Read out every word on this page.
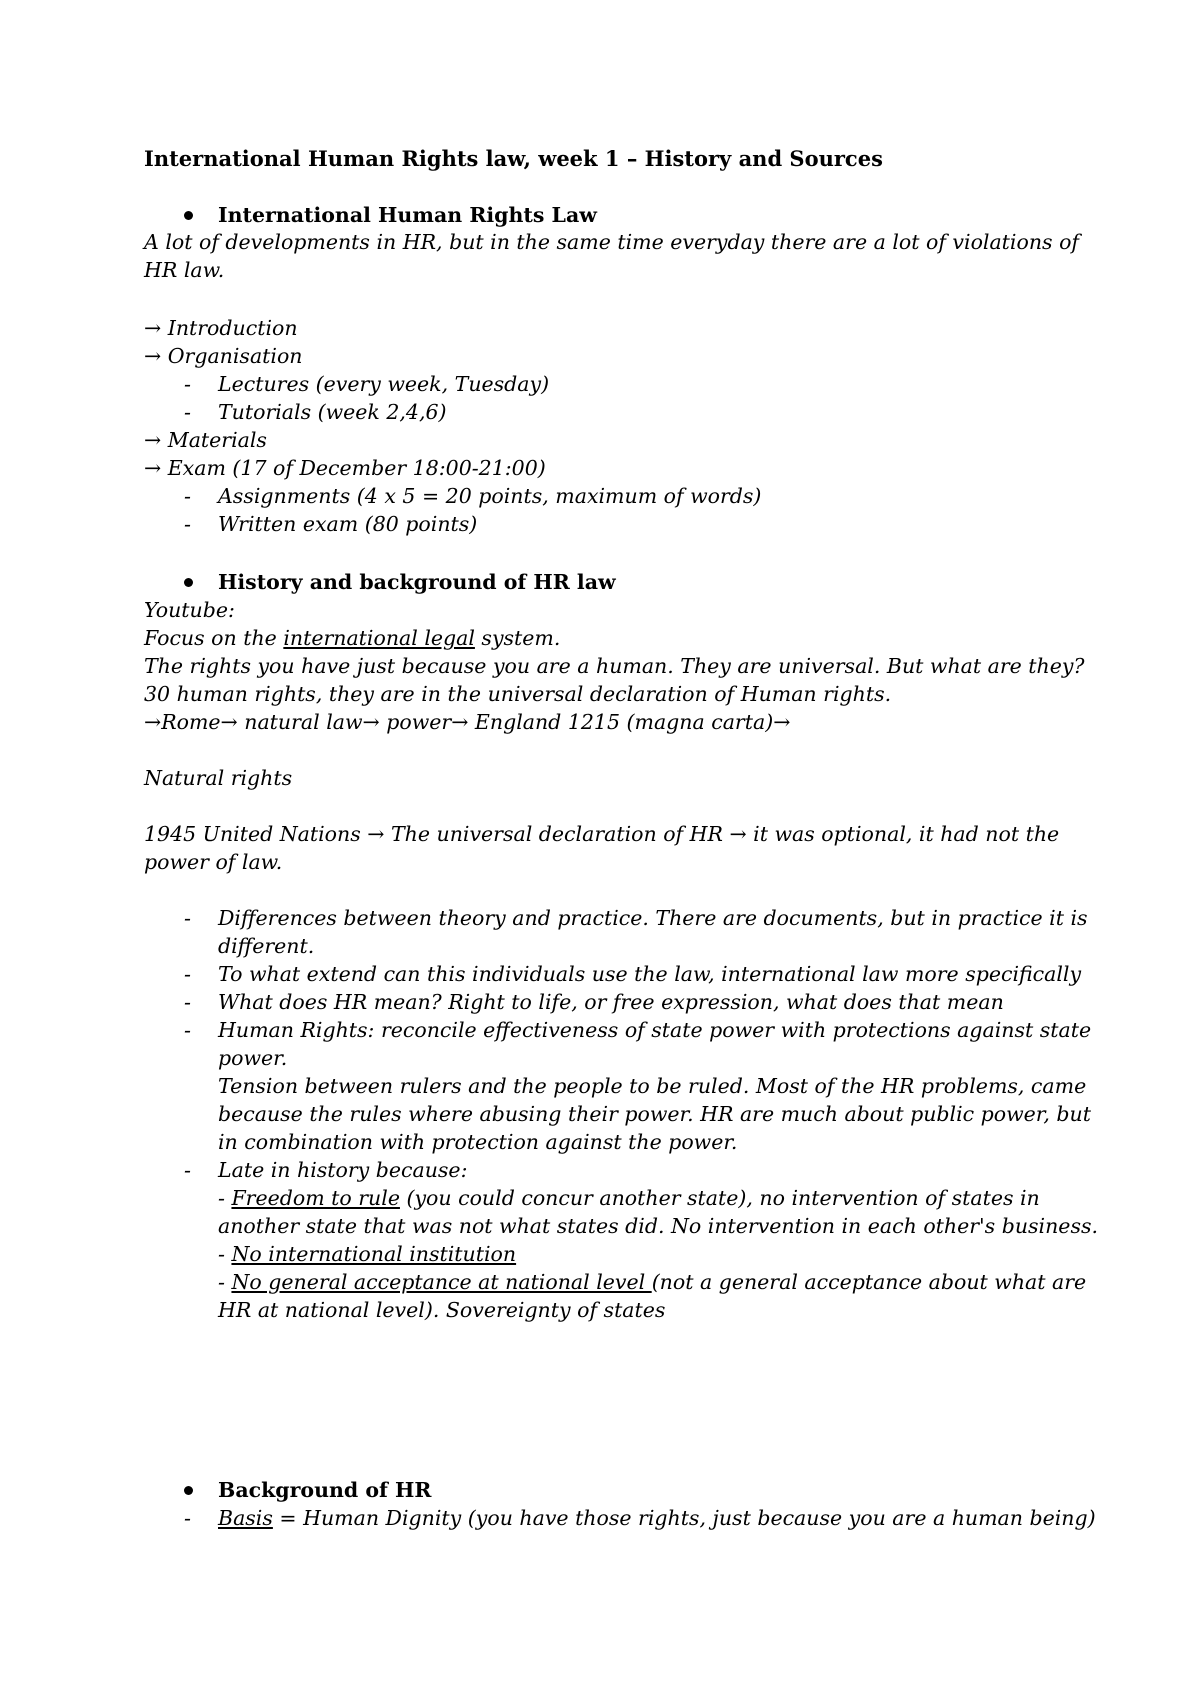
International Human Rights law, week 1 – History and Sources
International Human Rights Law
A lot of developments in HR, but in the same time everyday there are a lot of violations of
HR law.
→ Introduction
→ Organisation
- Lectures (every week, Tuesday)
- Tutorials (week 2,4,6)
→ Materials
→ Exam (17 of December 18:00-21:00)
- Assignments (4 x 5 = 20 points, maximum of words)
- Written exam (80 points)
History and background of HR law
Youtube:
Focus on the international legal system.
The rights you have just because you are a human. They are universal. But what are they?
30 human rights, they are in the universal declaration of Human rights.
→Rome→ natural law→ power→ England 1215 (magna carta)→
Natural rights
1945 United Nations → The universal declaration of HR → it was optional, it had not the
power of law.
- Differences between theory and practice. There are documents, but in practice it is
different.
- To what extend can this individuals use the law, international law more specifically
- What does HR mean? Right to life, or free expression, what does that mean
- Human Rights: reconcile effectiveness of state power with protections against state
power.
Tension between rulers and the people to be ruled. Most of the HR problems, came
because the rules where abusing their power. HR are much about public power, but
in combination with protection against the power.
- Late in history because:
- Freedom to rule (you could concur another state), no intervention of states in
another state that was not what states did. No intervention in each other's business.
- No international institution
- No general acceptance at national level (not a general acceptance about what are
HR at national level). Sovereignty of states
Background of HR
- Basis = Human Dignity (you have those rights, just because you are a human being)
